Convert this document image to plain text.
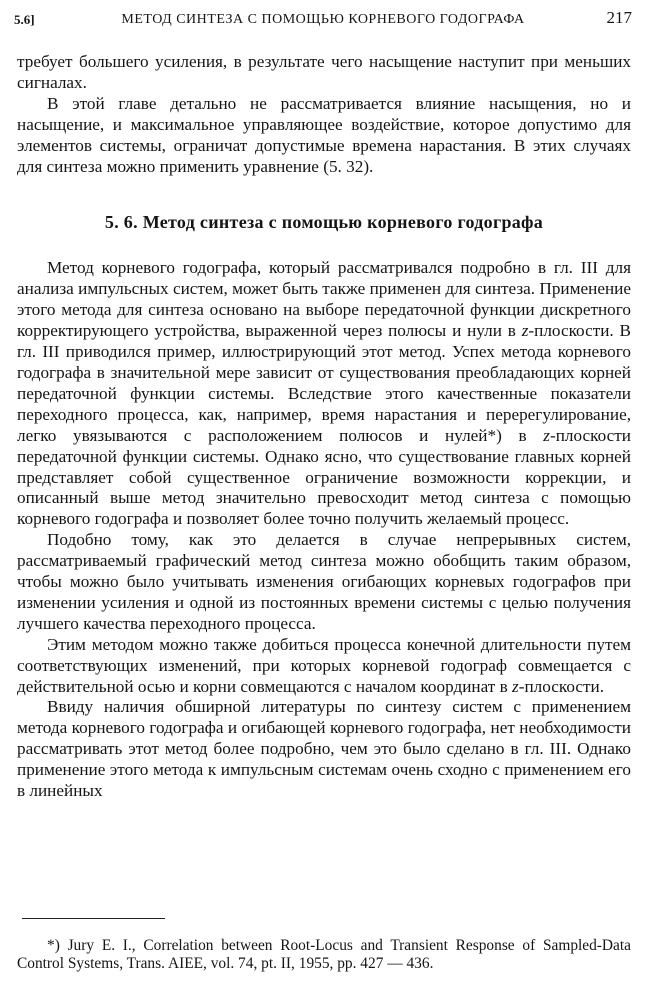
5.6]	МЕТОД СИНТЕЗА С ПОМОЩЬЮ КОРНЕВОГО ГОДОГРАФА	217

требует большего усиления, в результате чего насыщение наступит при меньших сигналах.

В этой главе детально не рассматривается влияние насыщения, но и насыщение, и максимальное управляющее воздействие, которое допустимо для элементов системы, ограничат допустимые времена нарастания. В этих случаях для синтеза можно применить уравнение (5. 32).

5. 6. Метод синтеза с помощью корневого годографа

Метод корневого годографа, который рассматривался подробно в гл. III для анализа импульсных систем, может быть также применен для синтеза. Применение этого метода для синтеза основано на выборе передаточной функции дискретного корректирующего устройства, выраженной через полюсы и нули в z-плоскости. В гл. III приводился пример, иллюстрирующий этот метод. Успех метода корневого годографа в значительной мере зависит от существования преобладающих корней передаточной функции системы. Вследствие этого качественные показатели переходного процесса, как, например, время нарастания и перерегулирование, легко увязываются с расположением полюсов и нулей*) в z-плоскости передаточной функции системы. Однако ясно, что существование главных корней представляет собой существенное ограничение возможности коррекции, и описанный выше метод значительно превосходит метод синтеза с помощью корневого годографа и позволяет более точно получить желаемый процесс.

Подобно тому, как это делается в случае непрерывных систем, рассматриваемый графический метод синтеза можно обобщить таким образом, чтобы можно было учитывать изменения огибающих корневых годографов при изменении усиления и одной из постоянных времени системы с целью получения лучшего качества переходного процесса.

Этим методом можно также добиться процесса конечной длительности путем соответствующих изменений, при которых корневой годограф совмещается с действительной осью и корни совмещаются с началом координат в z-плоскости.

Ввиду наличия обширной литературы по синтезу систем с применением метода корневого годографа и огибающей корневого годографа, нет необходимости рассматривать этот метод более подробно, чем это было сделано в гл. III. Однако применение этого метода к импульсным системам очень сходно с применением его в линейных

*) Jury E. I., Correlation between Root-Locus and Transient Response of Sampled-Data Control Systems, Trans. AIEE, vol. 74, pt. II, 1955, pp. 427 — 436.
